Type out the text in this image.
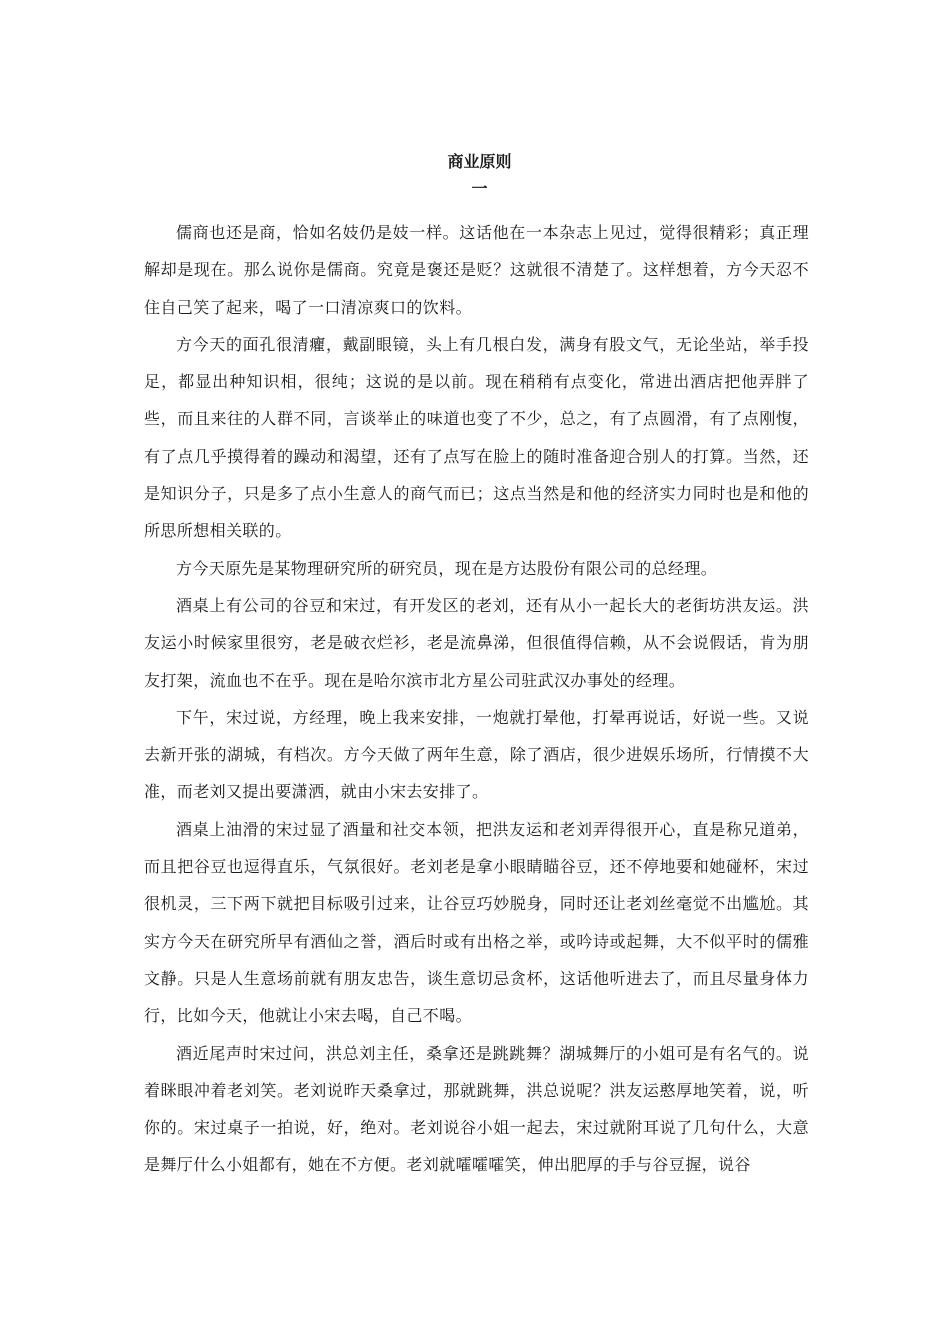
商业原则
一

儒商也还是商，恰如名妓仍是妓一样。这话他在一本杂志上见过，觉得很精彩；真正理解却是现在。那么说你是儒商。究竟是褒还是贬？这就很不清楚了。这样想着，方今天忍不住自己笑了起来，喝了一口清凉爽口的饮料。

方今天的面孔很清癯，戴副眼镜，头上有几根白发，满身有股文气，无论坐站，举手投足，都显出种知识相，很纯；这说的是以前。现在稍稍有点变化，常进出酒店把他弄胖了些，而且来往的人群不同，言谈举止的味道也变了不少，总之，有了点圆滑，有了点刚愎，有了点几乎摸得着的躁动和渴望，还有了点写在脸上的随时准备迎合别人的打算。当然，还是知识分子，只是多了点小生意人的商气而已；这点当然是和他的经济实力同时也是和他的所思所想相关联的。

方今天原先是某物理研究所的研究员，现在是方达股份有限公司的总经理。

酒桌上有公司的谷豆和宋过，有开发区的老刘，还有从小一起长大的老街坊洪友运。洪友运小时候家里很穷，老是破衣烂衫，老是流鼻涕，但很值得信赖，从不会说假话，肯为朋友打架，流血也不在乎。现在是哈尔滨市北方星公司驻武汉办事处的经理。

下午，宋过说，方经理，晚上我来安排，一炮就打晕他，打晕再说话，好说一些。又说去新开张的湖城，有档次。方今天做了两年生意，除了酒店，很少进娱乐场所，行情摸不大准，而老刘又提出要潇洒，就由小宋去安排了。

酒桌上油滑的宋过显了酒量和社交本领，把洪友运和老刘弄得很开心，直是称兄道弟，而且把谷豆也逗得直乐，气氛很好。老刘老是拿小眼睛瞄谷豆，还不停地要和她碰杯，宋过很机灵，三下两下就把目标吸引过来，让谷豆巧妙脱身，同时还让老刘丝毫觉不出尴尬。其实方今天在研究所早有酒仙之誉，酒后时或有出格之举，或吟诗或起舞，大不似平时的儒雅文静。只是人生意场前就有朋友忠告，谈生意切忌贪杯，这话他听进去了，而且尽量身体力行，比如今天，他就让小宋去喝，自己不喝。

酒近尾声时宋过问，洪总刘主任，桑拿还是跳跳舞？湖城舞厅的小姐可是有名气的。说着眯眼冲着老刘笑。老刘说昨天桑拿过，那就跳舞，洪总说呢？洪友运憨厚地笑着，说，听你的。宋过桌子一拍说，好，绝对。老刘说谷小姐一起去，宋过就附耳说了几句什么，大意是舞厅什么小姐都有，她在不方便。老刘就嚯嚯嚯笑，伸出肥厚的手与谷豆握，说谷
